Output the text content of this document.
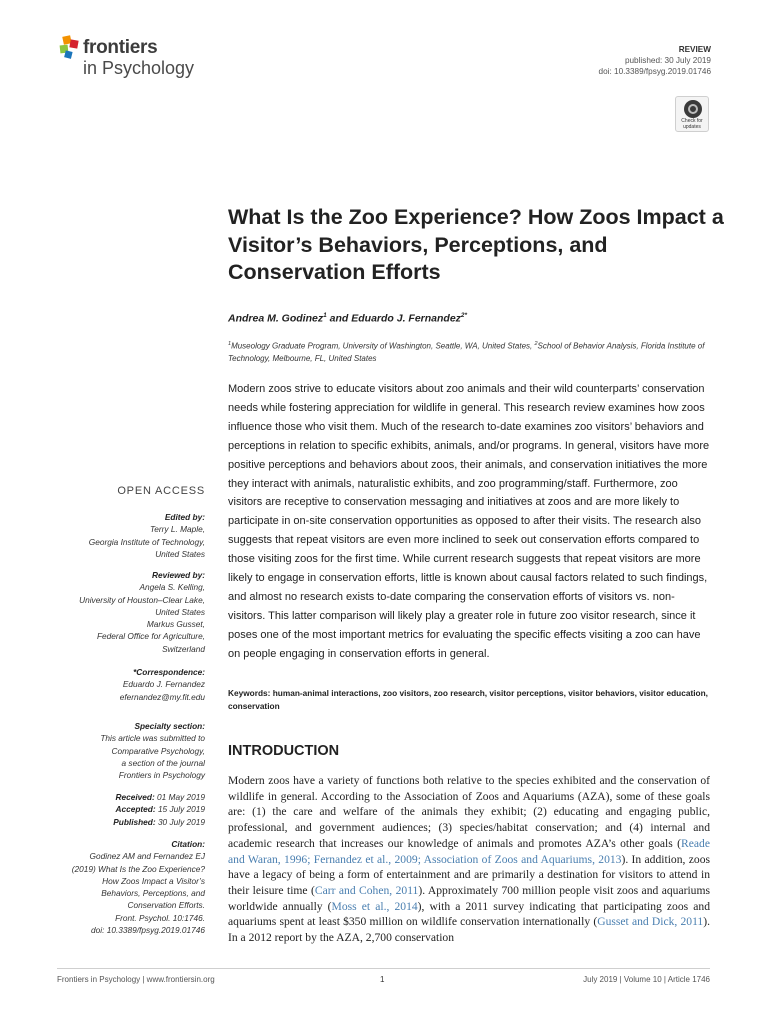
frontiers
in Psychology
REVIEW
published: 30 July 2019
doi: 10.3389/fpsyg.2019.01746
Check for updates
What Is the Zoo Experience? How Zoos Impact a Visitor’s Behaviors, Perceptions, and Conservation Efforts
Andrea M. Godinez$^1$ and Eduardo J. Fernandez$^{2*}$
$^1$Museology Graduate Program, University of Washington, Seattle, WA, United States, $^2$School of Behavior Analysis, Florida Institute of Technology, Melbourne, FL, United States

Modern zoos strive to educate visitors about zoo animals and their wild counterparts’ conservation needs while fostering appreciation for wildlife in general. This research review examines how zoos influence those who visit them. Much of the research to-date examines zoo visitors’ behaviors and perceptions in relation to specific exhibits, animals, and/or programs. In general, visitors have more positive perceptions and behaviors about zoos, their animals, and conservation initiatives the more they interact with animals, naturalistic exhibits, and zoo programming/staff. Furthermore, zoo visitors are receptive to conservation messaging and initiatives at zoos and are more likely to participate in on-site conservation opportunities as opposed to after their visits. The research also suggests that repeat visitors are even more inclined to seek out conservation efforts compared to those visiting zoos for the first time. While current research suggests that repeat visitors are more likely to engage in conservation efforts, little is known about causal factors related to such findings, and almost no research exists to-date comparing the conservation efforts of visitors vs. non-visitors. This latter comparison will likely play a greater role in future zoo visitor research, since it poses one of the most important metrics for evaluating the specific effects visiting a zoo can have on people engaging in conservation efforts in general.

Keywords: human-animal interactions, zoo visitors, zoo research, visitor perceptions, visitor behaviors, visitor education, conservation

INTRODUCTION

Modern zoos have a variety of functions both relative to the species exhibited and the conservation of wildlife in general. According to the Association of Zoos and Aquariums (AZA), some of these goals are: (1) the care and welfare of the animals they exhibit; (2) educating and engaging public, professional, and government audiences; (3) species/habitat conservation; and (4) internal and academic research that increases our knowledge of animals and promotes AZA’s other goals (Reade and Waran, 1996; Fernandez et al., 2009; Association of Zoos and Aquariums, 2013). In addition, zoos have a legacy of being a form of entertainment and are primarily a destination for visitors to attend in their leisure time (Carr and Cohen, 2011). Approximately 700 million people visit zoos and aquariums worldwide annually (Moss et al., 2014), with a 2011 survey indicating that participating zoos and aquariums spent at least $350 million on wildlife conservation internationally (Gusset and Dick, 2011). In a 2012 report by the AZA, 2,700 conservation

OPEN ACCESS
Edited by:
Terry L. Maple,
Georgia Institute of Technology,
United States
Reviewed by:
Angela S. Kelling,
University of Houston–Clear Lake,
United States
Markus Gusset,
Federal Office for Agriculture,
Switzerland
*Correspondence:
Eduardo J. Fernandez
efernandez@my.fit.edu
Specialty section:
This article was submitted to
Comparative Psychology,
a section of the journal
Frontiers in Psychology
Received: 01 May 2019
Accepted: 15 July 2019
Published: 30 July 2019
Citation:
Godinez AM and Fernandez EJ
(2019) What Is the Zoo Experience?
How Zoos Impact a Visitor’s
Behaviors, Perceptions, and
Conservation Efforts.
Front. Psychol. 10:1746.
doi: 10.3389/fpsyg.2019.01746
Frontiers in Psychology | www.frontiersin.org	1	July 2019 | Volume 10 | Article 1746
